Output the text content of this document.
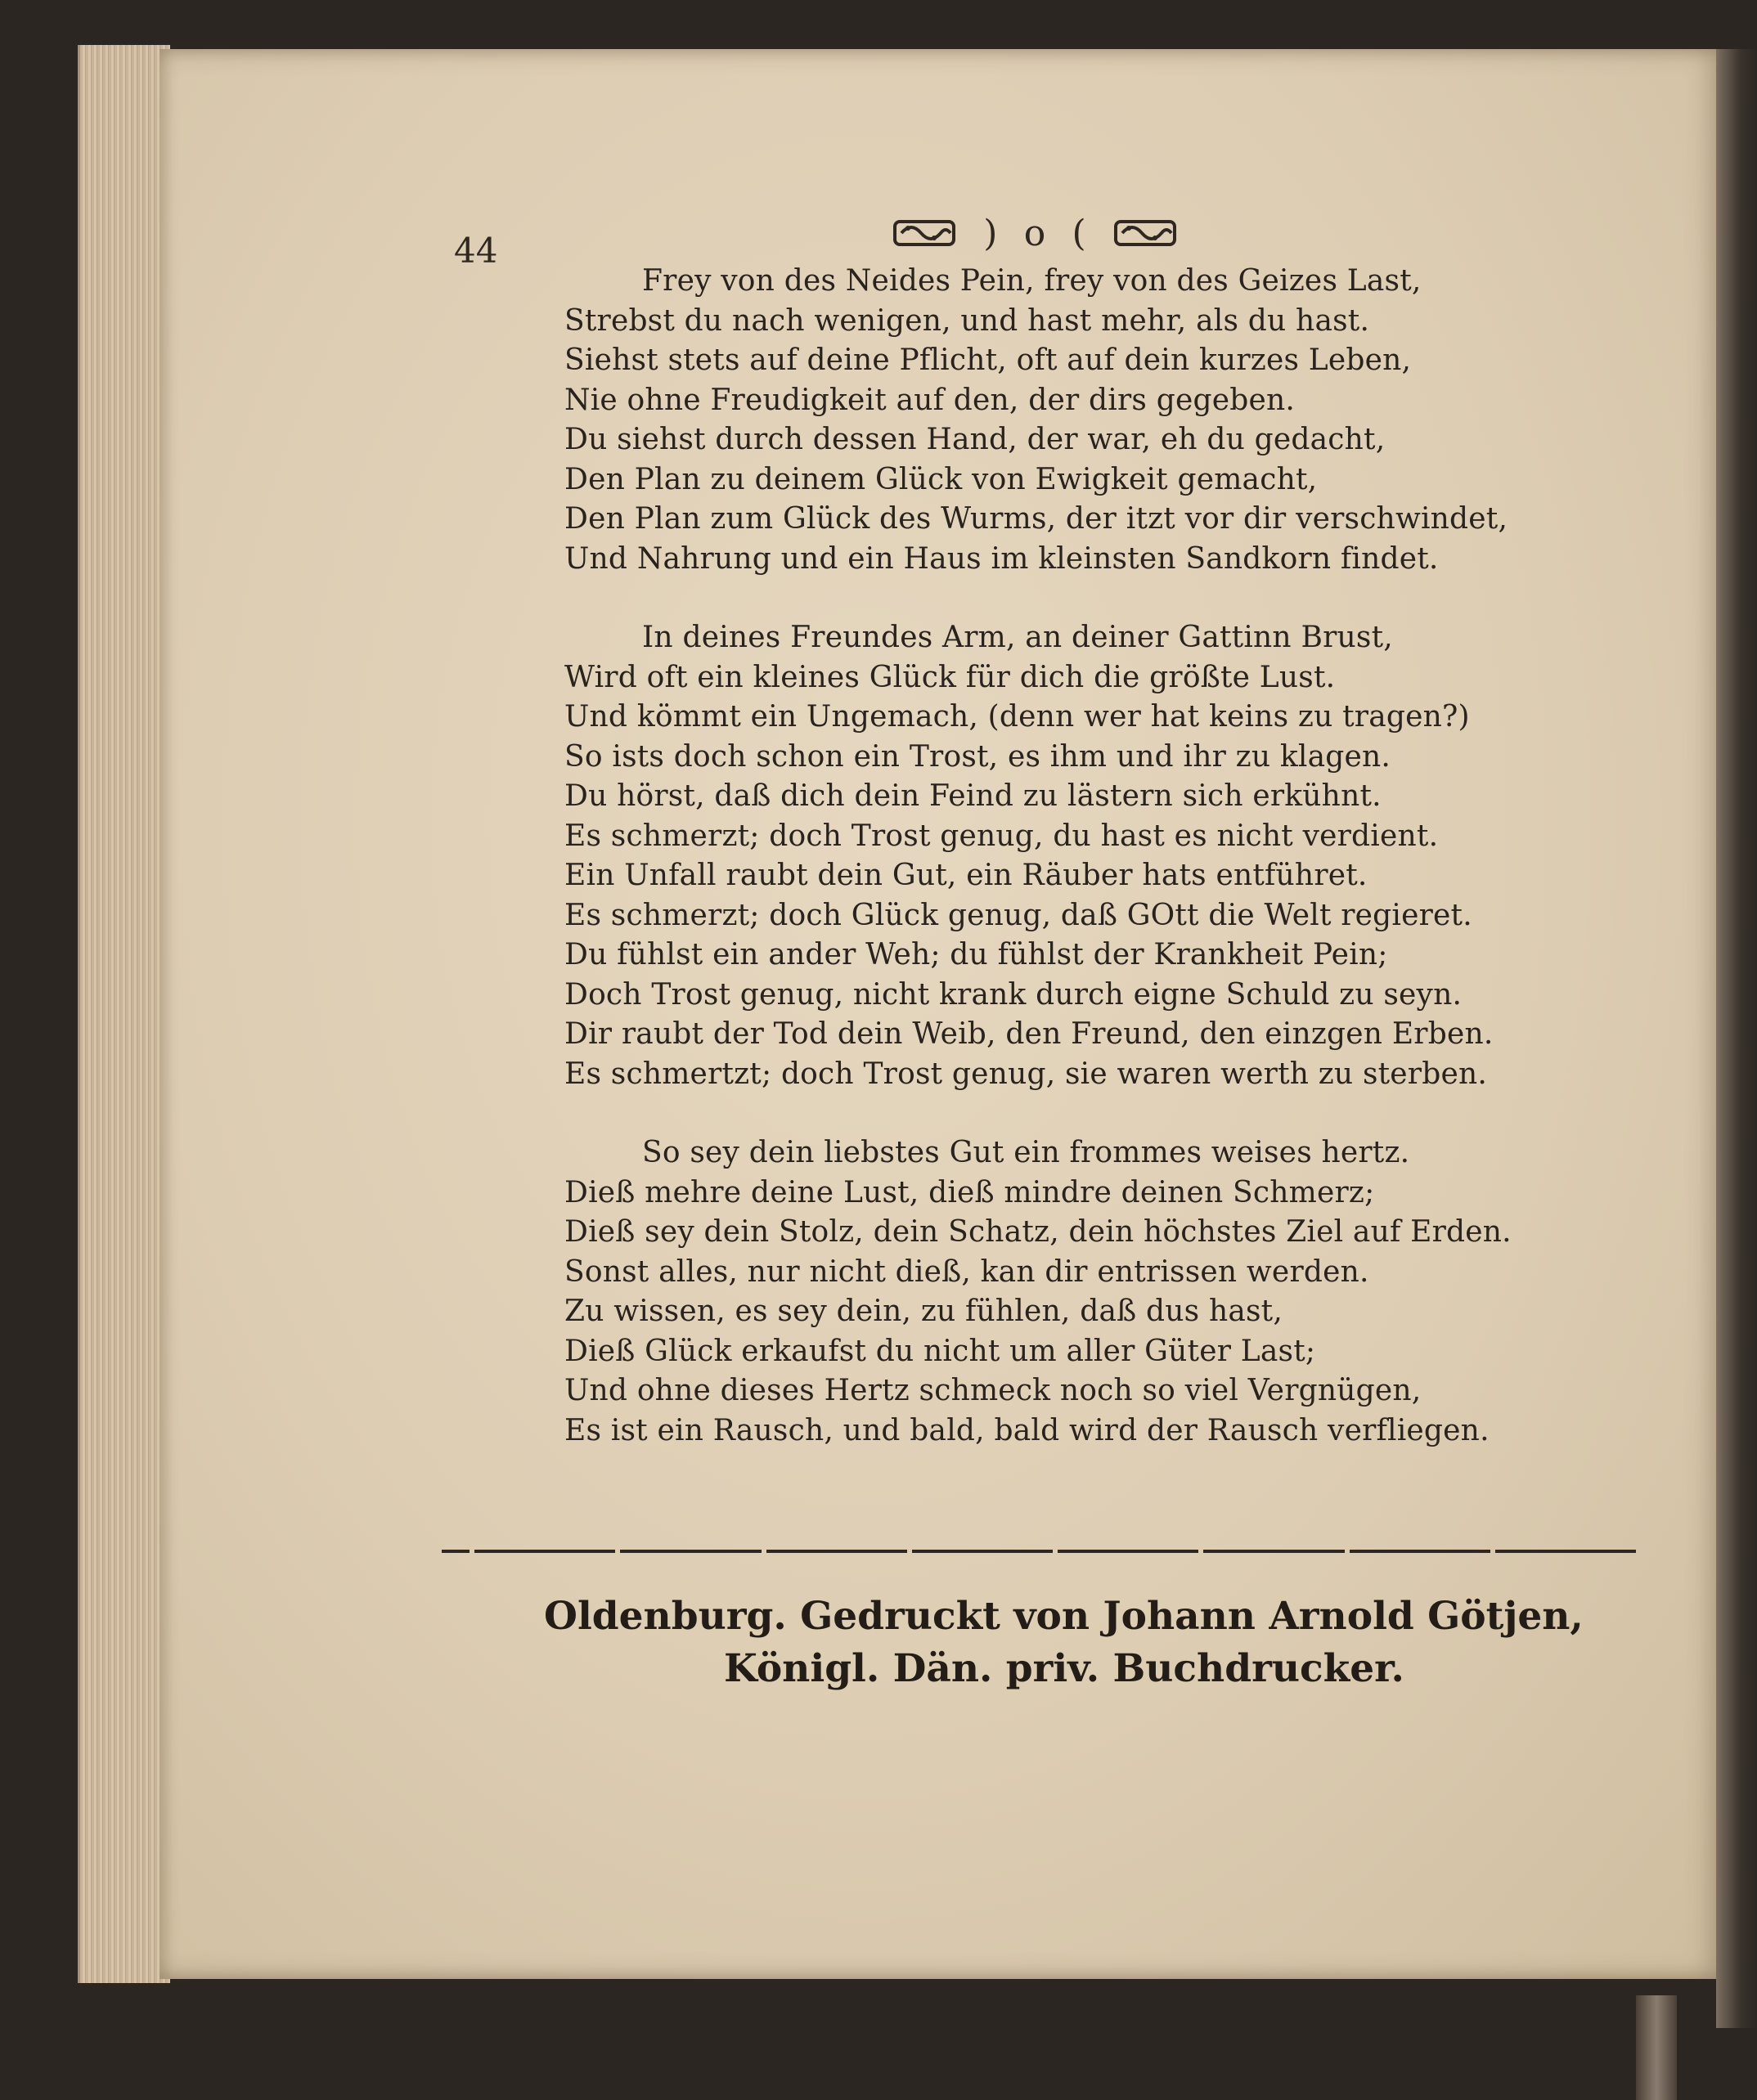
44	) o (
Frey von des Neides Pein, frey von des Geizes Last,
Strebst du nach wenigen, und hast mehr, als du hast.
Siehst stets auf deine Pflicht, oft auf dein kurzes Leben,
Nie ohne Freudigkeit auf den, der dirs gegeben.
Du siehst durch dessen Hand, der war, eh du gedacht,
Den Plan zu deinem Glück von Ewigkeit gemacht,
Den Plan zum Glück des Wurms, der itzt vor dir verschwindet,
Und Nahrung und ein Haus im kleinsten Sandkorn findet.
In deines Freundes Arm, an deiner Gattinn Brust,
Wird oft ein kleines Glück für dich die größte Lust.
Und kömmt ein Ungemach, (denn wer hat keins zu tragen?)
So ists doch schon ein Trost, es ihm und ihr zu klagen.
Du hörst, daß dich dein Feind zu lästern sich erkühnt.
Es schmerzt; doch Trost genug, du hast es nicht verdient.
Ein Unfall raubt dein Gut, ein Räuber hats entführet.
Es schmerzt; doch Glück genug, daß GOtt die Welt regieret.
Du fühlst ein ander Weh; du fühlst der Krankheit Pein;
Doch Trost genug, nicht krank durch eigne Schuld zu seyn.
Dir raubt der Tod dein Weib, den Freund, den einzgen Erben.
Es schmertzt; doch Trost genug, sie waren werth zu sterben.
So sey dein liebstes Gut ein frommes weises hertz.
Dieß mehre deine Lust, dieß mindre deinen Schmerz;
Dieß sey dein Stolz, dein Schatz, dein höchstes Ziel auf Erden.
Sonst alles, nur nicht dieß, kan dir entrissen werden.
Zu wissen, es sey dein, zu fühlen, daß dus hast,
Dieß Glück erkaufst du nicht um aller Güter Last;
Und ohne dieses Hertz schmeck noch so viel Vergnügen,
Es ist ein Rausch, und bald, bald wird der Rausch verfliegen.
Oldenburg. Gedruckt von Johann Arnold Götjen,
Königl. Dän. priv. Buchdrucker.
